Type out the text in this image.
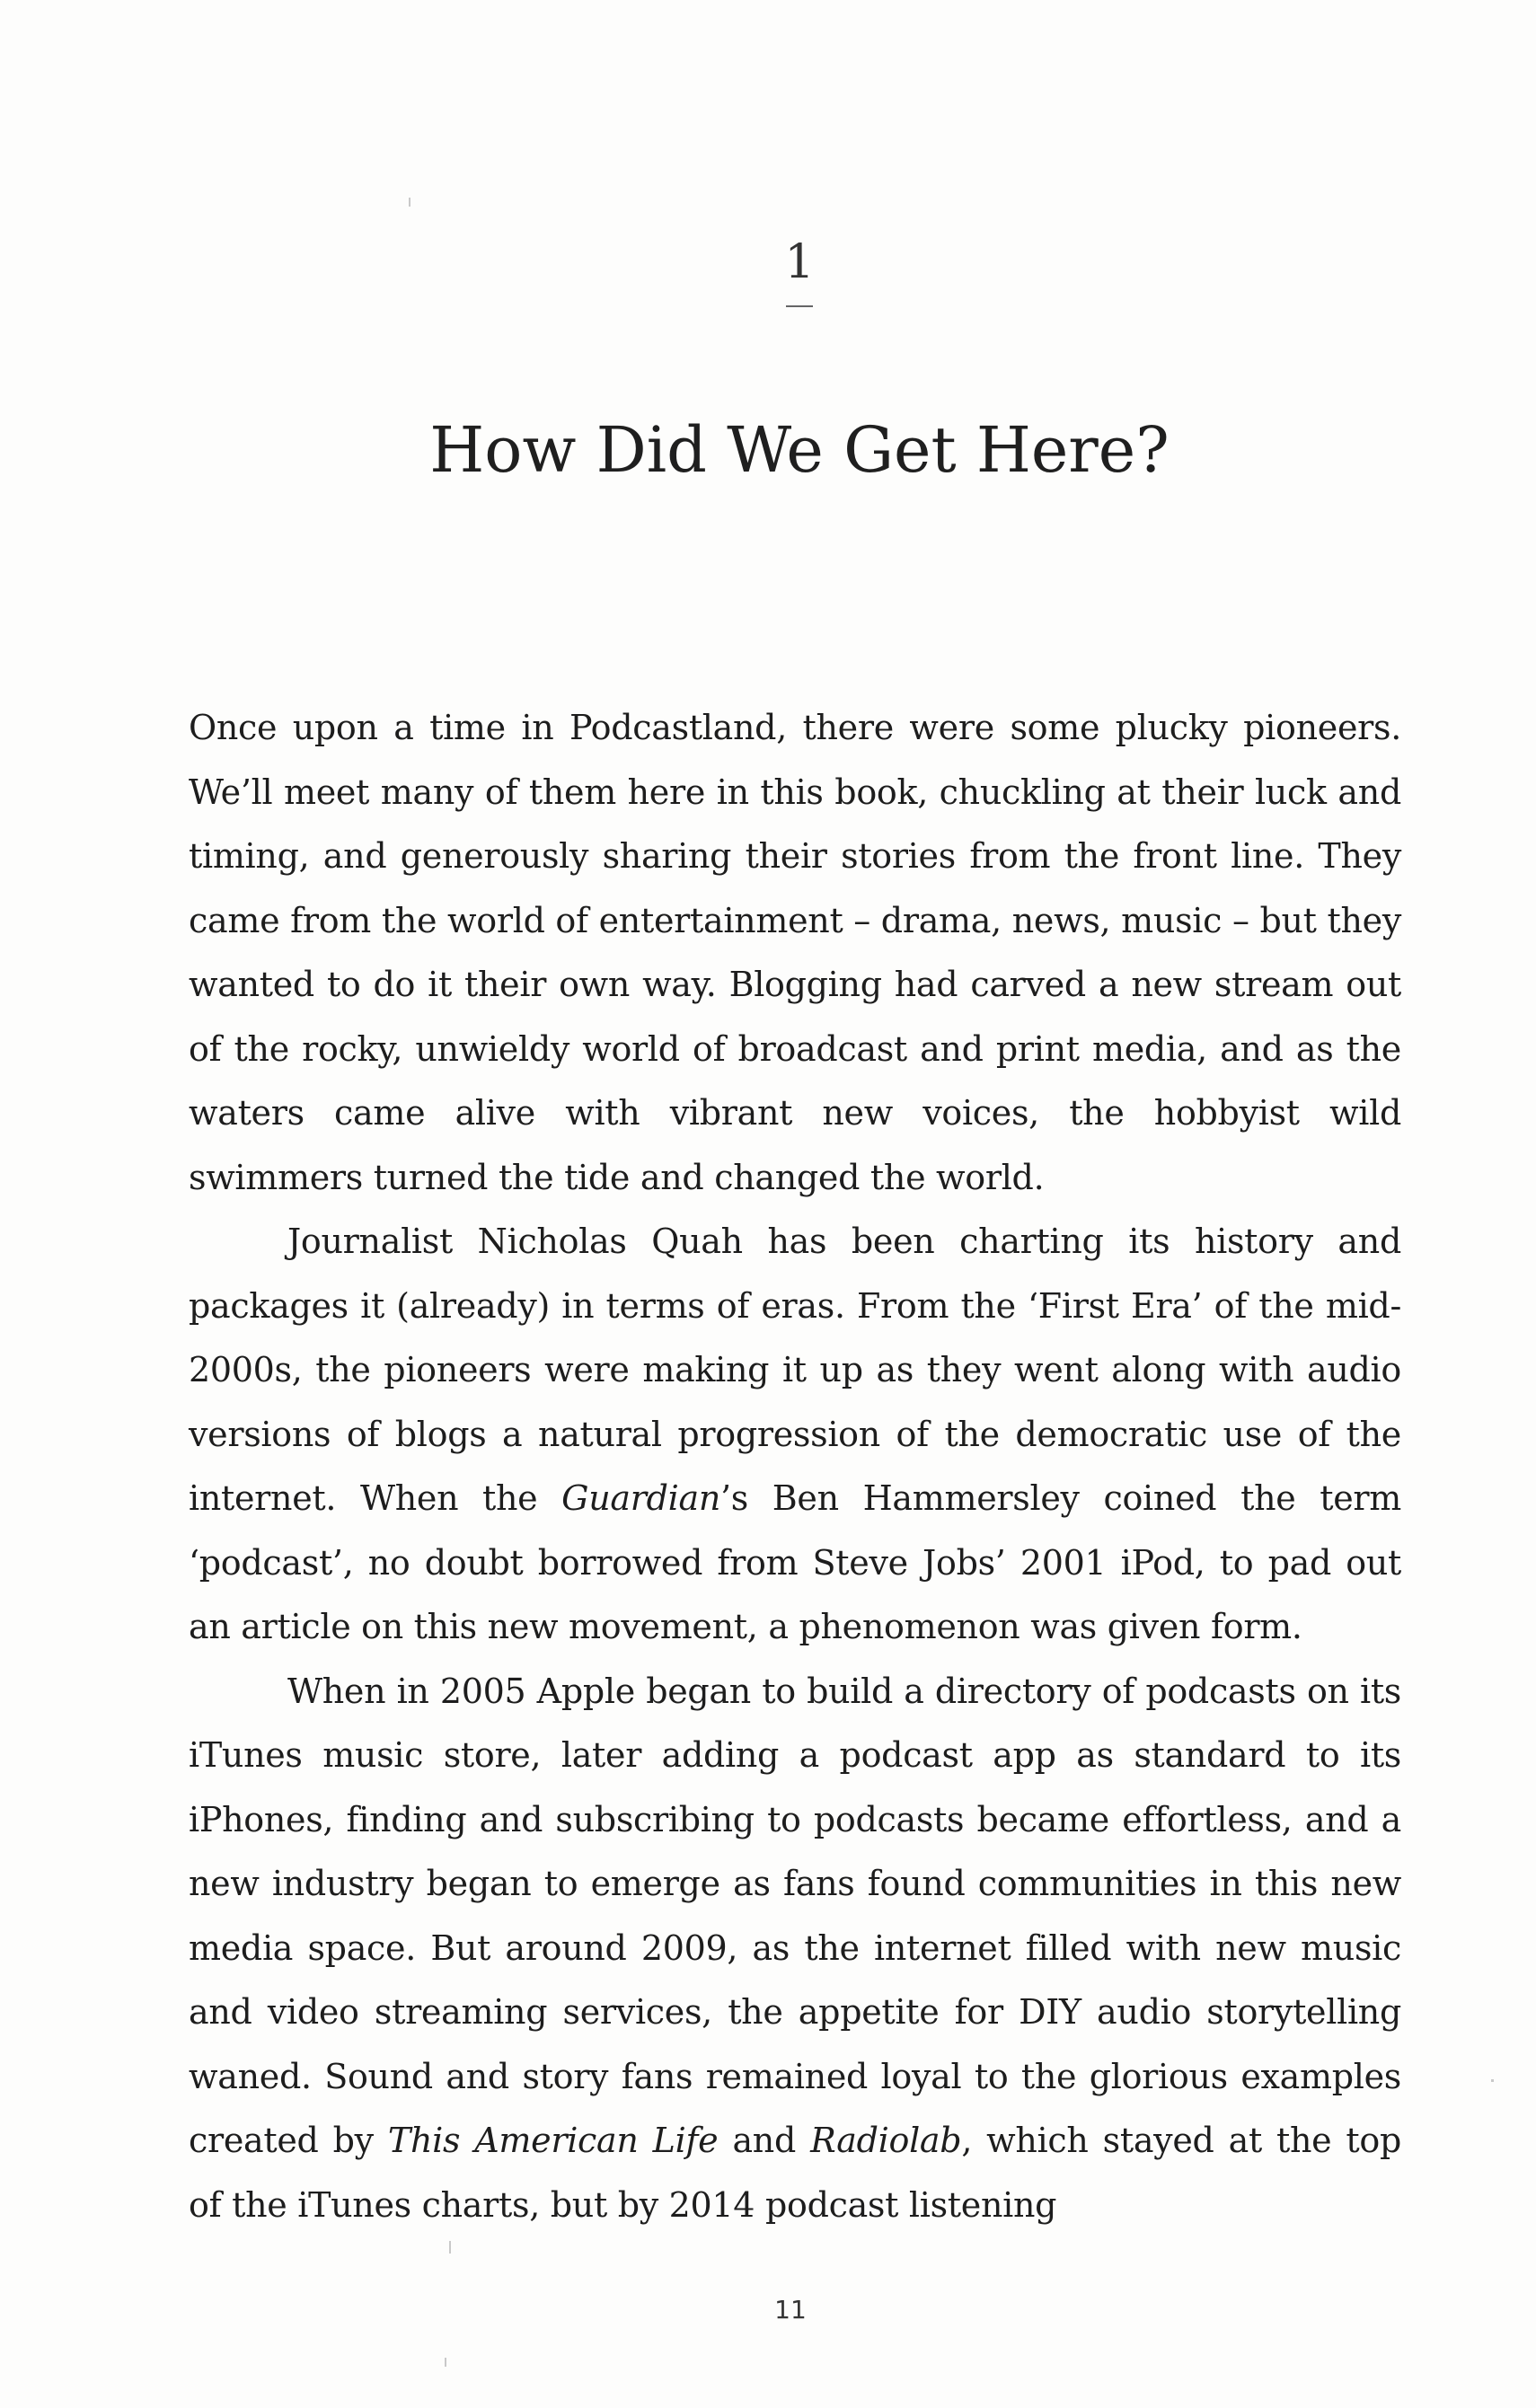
1
How Did We Get Here?

Once upon a time in Podcastland, there were some plucky pioneers. We’ll meet many of them here in this book, chuckling at their luck and timing, and generously sharing their stories from the front line. They came from the world of entertainment – drama, news, music – but they wanted to do it their own way. Blogging had carved a new stream out of the rocky, unwieldy world of broadcast and print media, and as the waters came alive with vibrant new voices, the hobbyist wild swimmers turned the tide and changed the world.

Journalist Nicholas Quah has been charting its history and packages it (already) in terms of eras. From the ‘First Era’ of the mid-2000s, the pioneers were making it up as they went along with audio versions of blogs a natural progression of the democratic use of the internet. When the Guardian’s Ben Hammersley coined the term ‘podcast’, no doubt borrowed from Steve Jobs’ 2001 iPod, to pad out an article on this new movement, a phenomenon was given form.

When in 2005 Apple began to build a directory of podcasts on its iTunes music store, later adding a podcast app as standard to its iPhones, finding and subscribing to podcasts became effortless, and a new industry began to emerge as fans found communities in this new media space. But around 2009, as the internet filled with new music and video streaming services, the appetite for DIY audio storytelling waned. Sound and story fans remained loyal to the glorious examples created by This American Life and Radiolab, which stayed at the top of the iTunes charts, but by 2014 podcast listening

11
